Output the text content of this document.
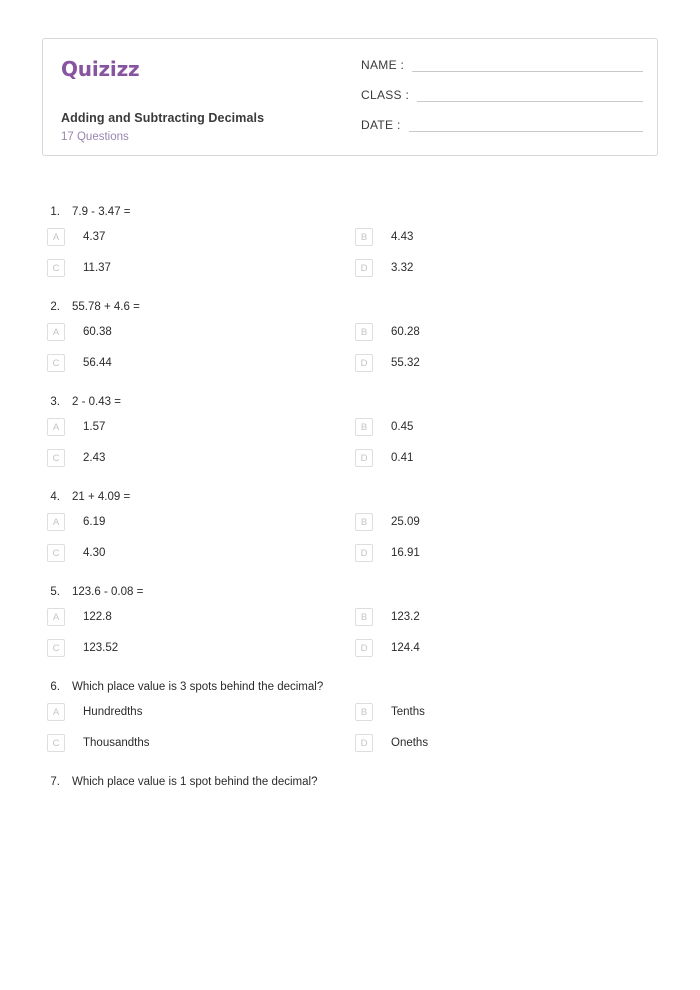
Quizizz
Adding and Subtracting Decimals
17 Questions
NAME :
CLASS :
DATE :
1.	7.9 - 3.47 =
A	4.37	B	4.43
C	11.37	D	3.32
2.	55.78 + 4.6 =
A	60.38	B	60.28
C	56.44	D	55.32
3.	2 - 0.43 =
A	1.57	B	0.45
C	2.43	D	0.41
4.	21 + 4.09 =
A	6.19	B	25.09
C	4.30	D	16.91
5.	123.6 - 0.08 =
A	122.8	B	123.2
C	123.52	D	124.4
6.	Which place value is 3 spots behind the decimal?
A	Hundredths	B	Tenths
C	Thousandths	D	Oneths
7.	Which place value is 1 spot behind the decimal?
